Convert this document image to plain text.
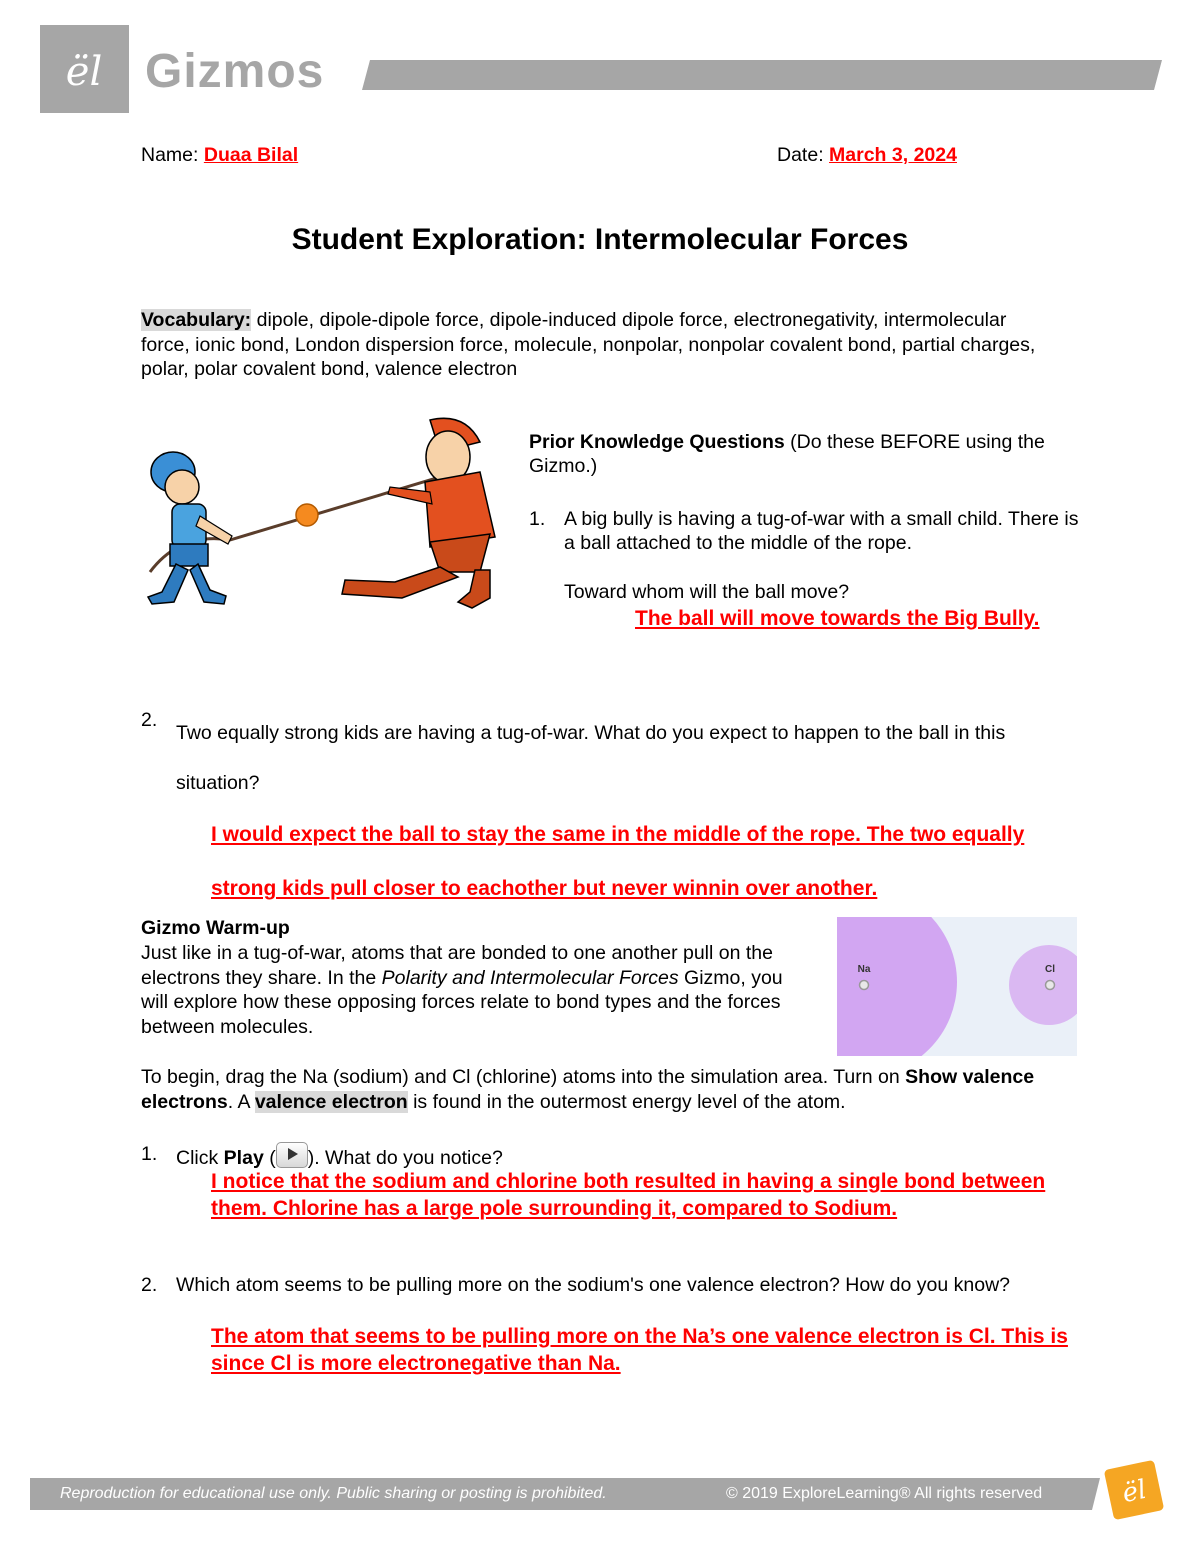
ël Gizmos
Name: Duaa Bilal	Date: March 3, 2024
Student Exploration: Intermolecular Forces
Vocabulary: dipole, dipole-dipole force, dipole-induced dipole force, electronegativity, intermolecular force, ionic bond, London dispersion force, molecule, nonpolar, nonpolar covalent bond, partial charges, polar, polar covalent bond, valence electron
Prior Knowledge Questions (Do these BEFORE using the Gizmo.)
1. A big bully is having a tug-of-war with a small child. There is a ball attached to the middle of the rope.
Toward whom will the ball move?
The ball will move towards the Big Bully.
2.
Two equally strong kids are having a tug-of-war. What do you expect to happen to the ball in this situation?
I would expect the ball to stay the same in the middle of the rope. The two equally strong kids pull closer to eachother but never winnin over another.
Gizmo Warm-up
Just like in a tug-of-war, atoms that are bonded to one another pull on the electrons they share. In the Polarity and Intermolecular Forces Gizmo, you will explore how these opposing forces relate to bond types and the forces between molecules.
Na	Cl
To begin, drag the Na (sodium) and Cl (chlorine) atoms into the simulation area. Turn on Show valence electrons. A valence electron is found in the outermost energy level of the atom.
1. Click Play ( ). What do you notice?
I notice that the sodium and chlorine both resulted in having a single bond between them. Chlorine has a large pole surrounding it, compared to Sodium.
2. Which atom seems to be pulling more on the sodium's one valence electron? How do you know?
The atom that seems to be pulling more on the Na’s one valence electron is Cl. This is since Cl is more electronegative than Na.
Reproduction for educational use only. Public sharing or posting is prohibited.	© 2019 ExploreLearning® All rights reserved	ël
